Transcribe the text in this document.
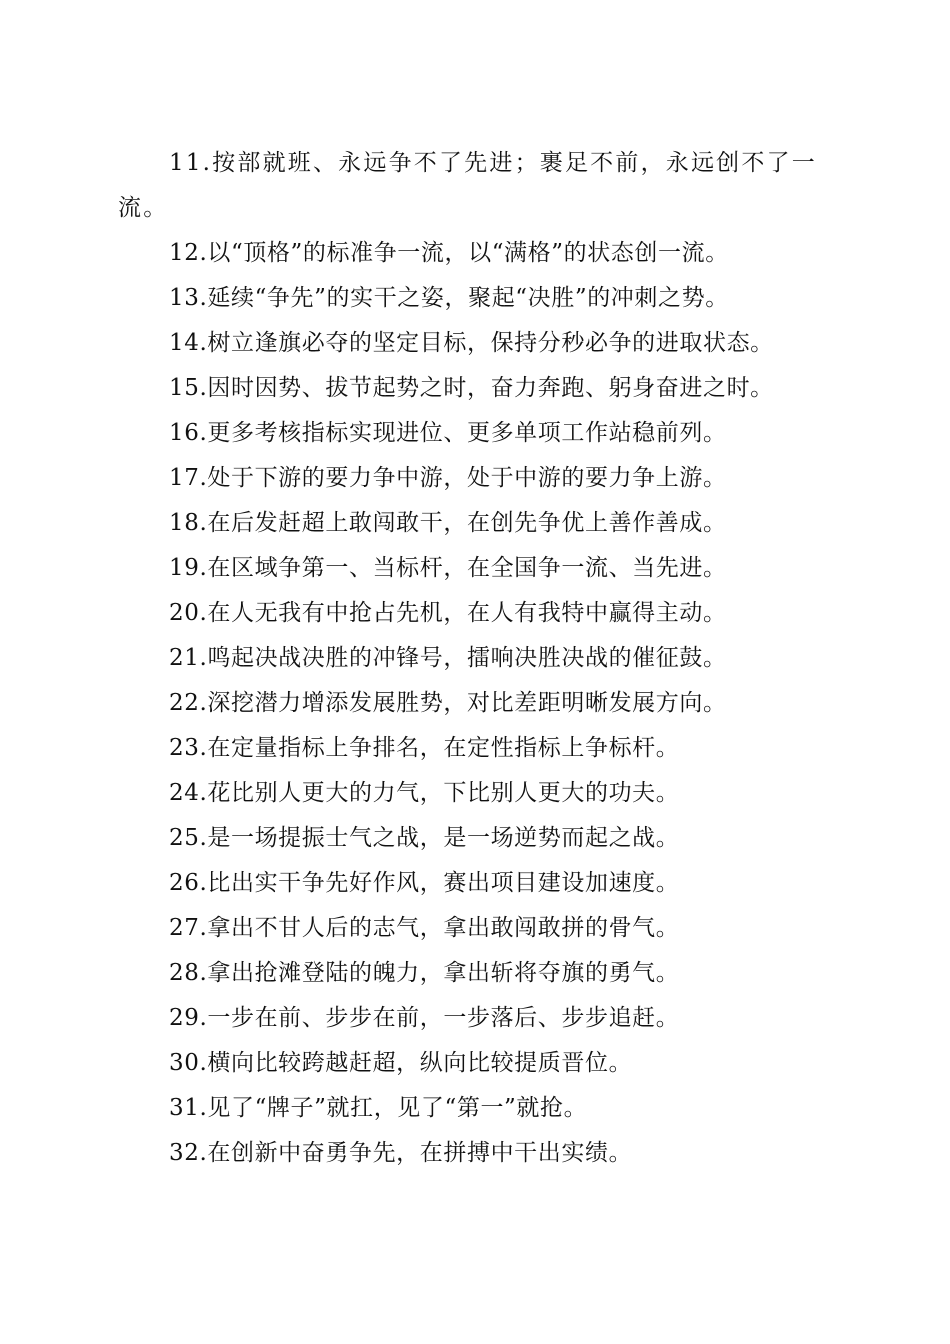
11.按部就班、永远争不了先进；裹足不前，永远创不了一流。
12.以“顶格”的标准争一流，以“满格”的状态创一流。
13.延续“争先”的实干之姿，聚起“决胜”的冲刺之势。
14.树立逢旗必夺的坚定目标，保持分秒必争的进取状态。
15.因时因势、拔节起势之时，奋力奔跑、躬身奋进之时。
16.更多考核指标实现进位、更多单项工作站稳前列。
17.处于下游的要力争中游，处于中游的要力争上游。
18.在后发赶超上敢闯敢干，在创先争优上善作善成。
19.在区域争第一、当标杆，在全国争一流、当先进。
20.在人无我有中抢占先机，在人有我特中赢得主动。
21.鸣起决战决胜的冲锋号，擂响决胜决战的催征鼓。
22.深挖潜力增添发展胜势，对比差距明晰发展方向。
23.在定量指标上争排名，在定性指标上争标杆。
24.花比别人更大的力气，下比别人更大的功夫。
25.是一场提振士气之战，是一场逆势而起之战。
26.比出实干争先好作风，赛出项目建设加速度。
27.拿出不甘人后的志气，拿出敢闯敢拼的骨气。
28.拿出抢滩登陆的魄力，拿出斩将夺旗的勇气。
29.一步在前、步步在前，一步落后、步步追赶。
30.横向比较跨越赶超，纵向比较提质晋位。
31.见了“牌子”就扛，见了“第一”就抢。
32.在创新中奋勇争先，在拼搏中干出实绩。
